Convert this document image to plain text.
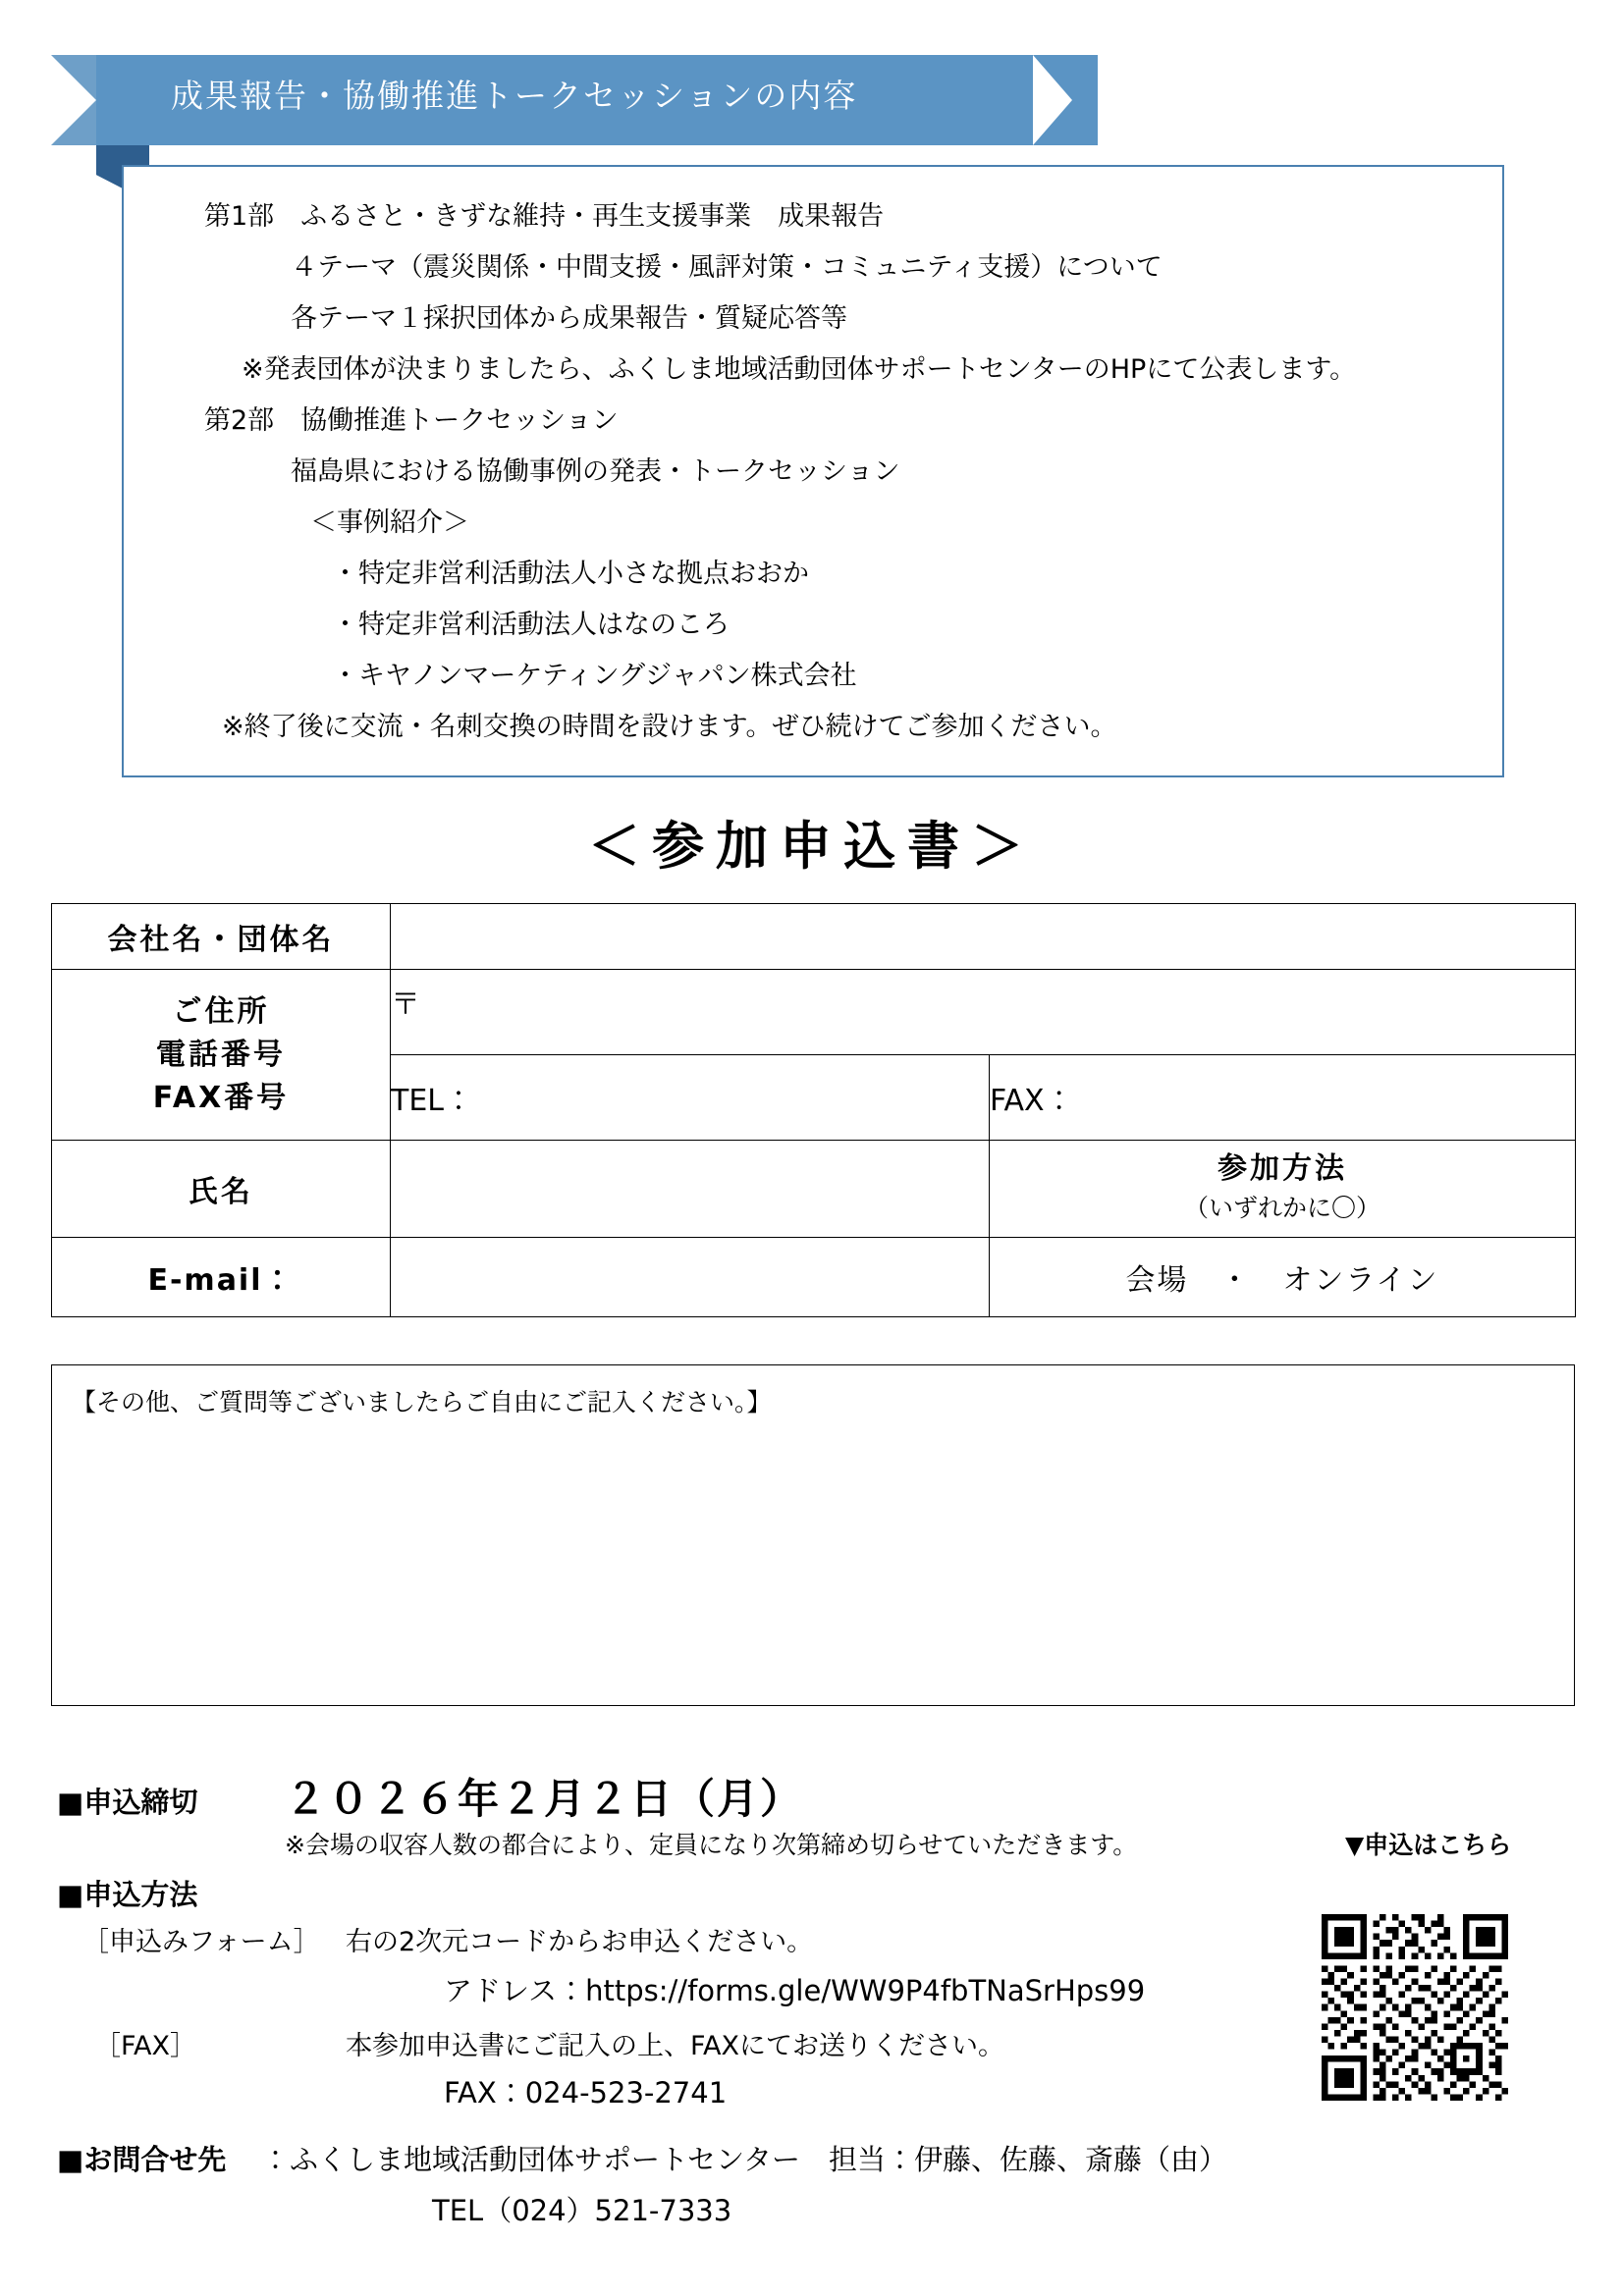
成果報告・協働推進トークセッションの内容
第1部　ふるさと・きずな維持・再生支援事業　成果報告
４テーマ（震災関係・中間支援・風評対策・コミュニティ支援）について
各テーマ１採択団体から成果報告・質疑応答等
※発表団体が決まりましたら、ふくしま地域活動団体サポートセンターのHPにて公表します。
第2部　協働推進トークセッション
福島県における協働事例の発表・トークセッション
＜事例紹介＞
・特定非営利活動法人小さな拠点おおか
・特定非営利活動法人はなのころ
・キヤノンマーケティングジャパン株式会社
※終了後に交流・名刺交換の時間を設けます。ぜひ続けてご参加ください。
＜参加申込書＞
会社名・団体名		

ご住所
電話番号
FAX番号	〒	
	TEL：	FAX：
氏名		参加方法
（いずれかに〇）

E-mail：		会場　・　オンライン
【その他、ご質問等ございましたらご自由にご記入ください。】
■申込締切 ２０２６年２月２日（月）
※会場の収容人数の都合により、定員になり次第締め切らせていただきます。	▼申込はこちら
■申込方法
［申込みフォーム］ 右の2次元コードからお申込ください。
アドレス：https://forms.gle/WW9P4fbTNaSrHps99
［FAX］	本参加申込書にご記入の上、FAXにてお送りください。
FAX：024-523-2741
■お問合せ先 ：ふくしま地域活動団体サポートセンター　担当：伊藤、佐藤、斎藤（由）
TEL（024）521-7333
